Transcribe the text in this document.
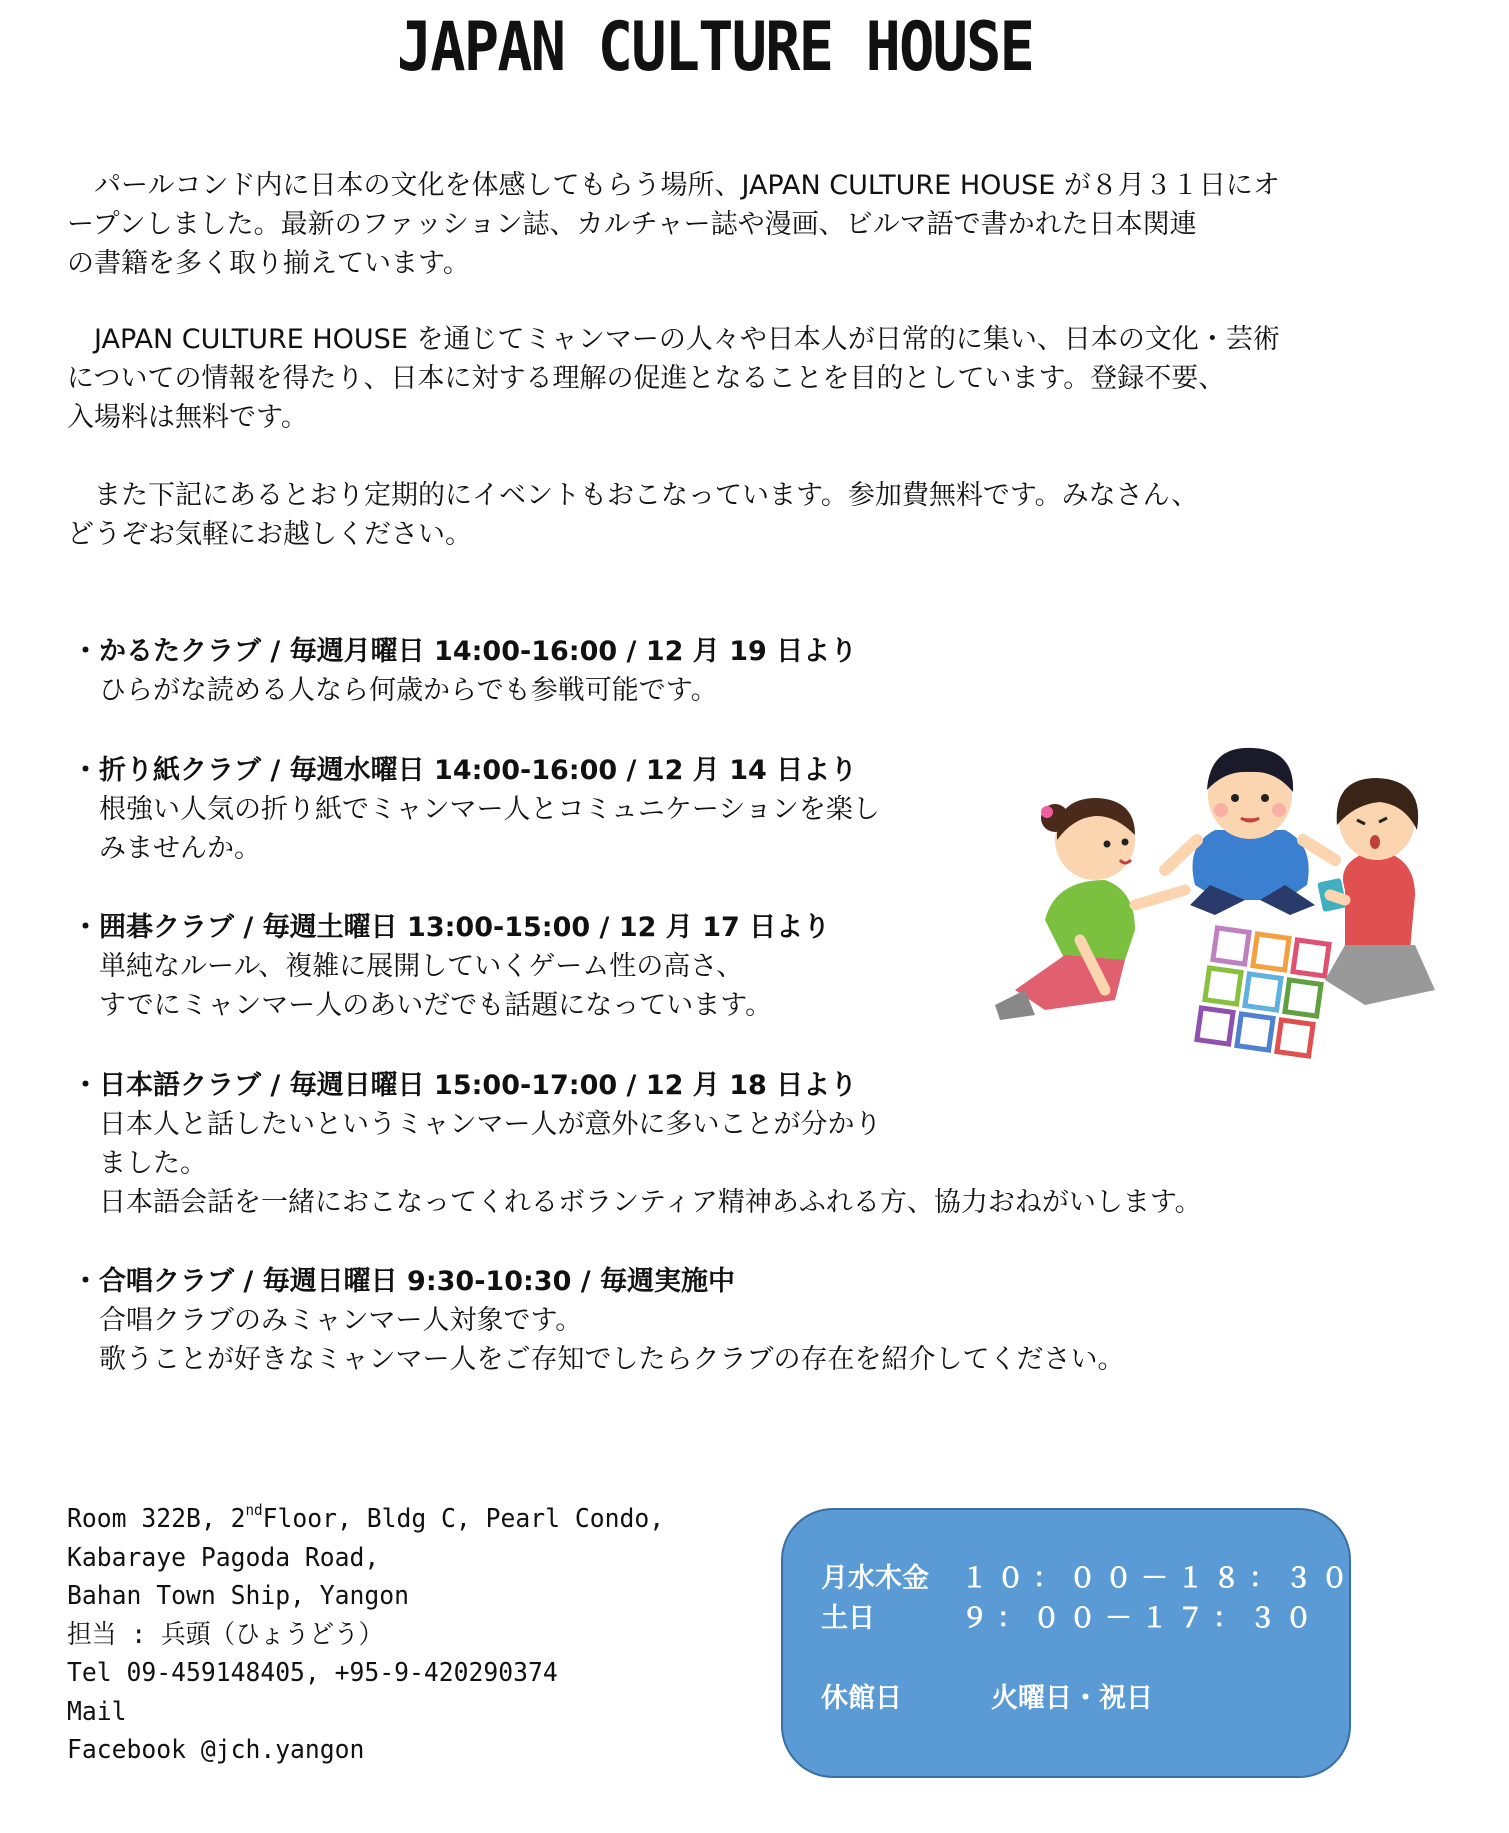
JAPAN CULTURE HOUSE
　パールコンド内に日本の文化を体感してもらう場所、JAPAN CULTURE HOUSE が８月３１日にオ
ープンしました。最新のファッション誌、カルチャー誌や漫画、ビルマ語で書かれた日本関連
の書籍を多く取り揃えています。
　JAPAN CULTURE HOUSE を通じてミャンマーの人々や日本人が日常的に集い、日本の文化・芸術
についての情報を得たり、日本に対する理解の促進となることを目的としています。登録不要、
入場料は無料です。
　また下記にあるとおり定期的にイベントもおこなっています。参加費無料です。みなさん、
どうぞお気軽にお越しください。
・かるたクラブ / 毎週月曜日 14:00-16:00 / 12 月 19 日より
ひらがな読める人なら何歳からでも参戦可能です。
・折り紙クラブ / 毎週水曜日 14:00-16:00 / 12 月 14 日より
根強い人気の折り紙でミャンマー人とコミュニケーションを楽し
みませんか。
・囲碁クラブ / 毎週土曜日 13:00-15:00 / 12 月 17 日より
単純なルール、複雑に展開していくゲーム性の高さ、
すでにミャンマー人のあいだでも話題になっています。
・日本語クラブ / 毎週日曜日 15:00-17:00 / 12 月 18 日より
日本人と話したいというミャンマー人が意外に多いことが分かり
ました。
日本語会話を一緒におこなってくれるボランティア精神あふれる方、協力おねがいします。
・合唱クラブ / 毎週日曜日 9:30-10:30 / 毎週実施中
合唱クラブのみミャンマー人対象です。
歌うことが好きなミャンマー人をご存知でしたらクラブの存在を紹介してください。
Room 322B, 2ndFloor, Bldg C, Pearl Condo,
Kabaraye Pagoda Road,
Bahan Town Ship, Yangon
担当 : 兵頭（ひょうどう）
Tel 09-459148405, +95-9-420290374
Mail
Facebook @jch.yangon
月水木金 １０：００－１８：３０
土日	９：００－１７：３０
休館日	火曜日・祝日
